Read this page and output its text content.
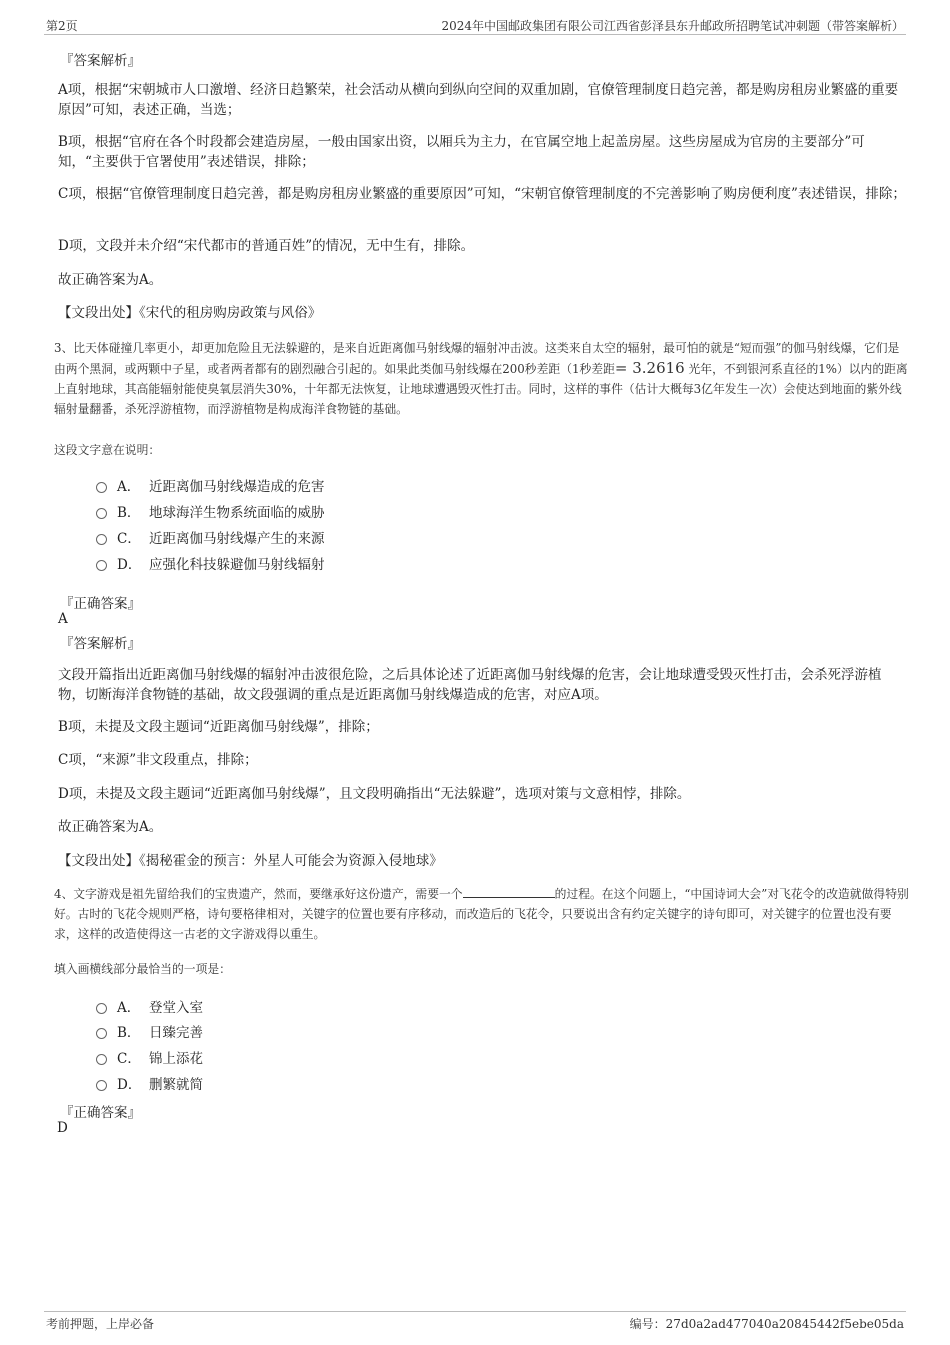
第2页	2024年中国邮政集团有限公司江西省彭泽县东升邮政所招聘笔试冲刺题（带答案解析）
『答案解析』
A项，根据“宋朝城市人口激增、经济日趋繁荣，社会活动从横向到纵向空间的双重加剧，官僚管理制度日趋完善，都是购房租房业繁盛的重要原因”可知，表述正确，当选；
B项，根据“官府在各个时段都会建造房屋，一般由国家出资，以厢兵为主力，在官属空地上起盖房屋。这些房屋成为官房的主要部分”可知，“主要供于官署使用”表述错误，排除；
C项，根据“官僚管理制度日趋完善，都是购房租房业繁盛的重要原因”可知，“宋朝官僚管理制度的不完善影响了购房便利度”表述错误，排除；
D项，文段并未介绍“宋代都市的普通百姓”的情况，无中生有，排除。
故正确答案为A。
【文段出处】《宋代的租房购房政策与风俗》
3、比天体碰撞几率更小，却更加危险且无法躲避的，是来自近距离伽马射线爆的辐射冲击波。这类来自太空的辐射，最可怕的就是“短而强”的伽马射线爆，它们是由两个黑洞，或两颗中子星，或者两者都有的剧烈融合引起的。如果此类伽马射线爆在200秒差距（1秒差距= 3.2616 光年，不到银河系直径的1%）以内的距离上直射地球，其高能辐射能使臭氧层消失30%，十年都无法恢复，让地球遭遇毁灭性打击。同时，这样的事件（估计大概每3亿年发生一次）会使达到地面的紫外线辐射量翻番，杀死浮游植物，而浮游植物是构成海洋食物链的基础。
这段文字意在说明：
A． 近距离伽马射线爆造成的危害
B． 地球海洋生物系统面临的威胁
C． 近距离伽马射线爆产生的来源
D． 应强化科技躲避伽马射线辐射
『正确答案』
A
『答案解析』
文段开篇指出近距离伽马射线爆的辐射冲击波很危险，之后具体论述了近距离伽马射线爆的危害，会让地球遭受毁灭性打击，会杀死浮游植物，切断海洋食物链的基础，故文段强调的重点是近距离伽马射线爆造成的危害，对应A项。
B项，未提及文段主题词“近距离伽马射线爆”，排除；
C项，“来源”非文段重点，排除；
D项，未提及文段主题词“近距离伽马射线爆”，且文段明确指出“无法躲避”，选项对策与文意相悖，排除。
故正确答案为A。
【文段出处】《揭秘霍金的预言：外星人可能会为资源入侵地球》
4、文字游戏是祖先留给我们的宝贵遗产，然而，要继承好这份遗产，需要一个	的过程。在这个问题上，“中国诗词大会”对飞花令的改造就做得特别好。古时的飞花令规则严格，诗句要格律相对，关键字的位置也要有序移动，而改造后的飞花令，只要说出含有约定关键字的诗句即可，对关键字的位置也没有要求，这样的改造使得这一古老的文字游戏得以重生。
填入画横线部分最恰当的一项是：
A． 登堂入室
B． 日臻完善
C． 锦上添花
D． 删繁就简
『正确答案』
D
考前押题，上岸必备	编号：27d0a2ad477040a20845442f5ebe05da
